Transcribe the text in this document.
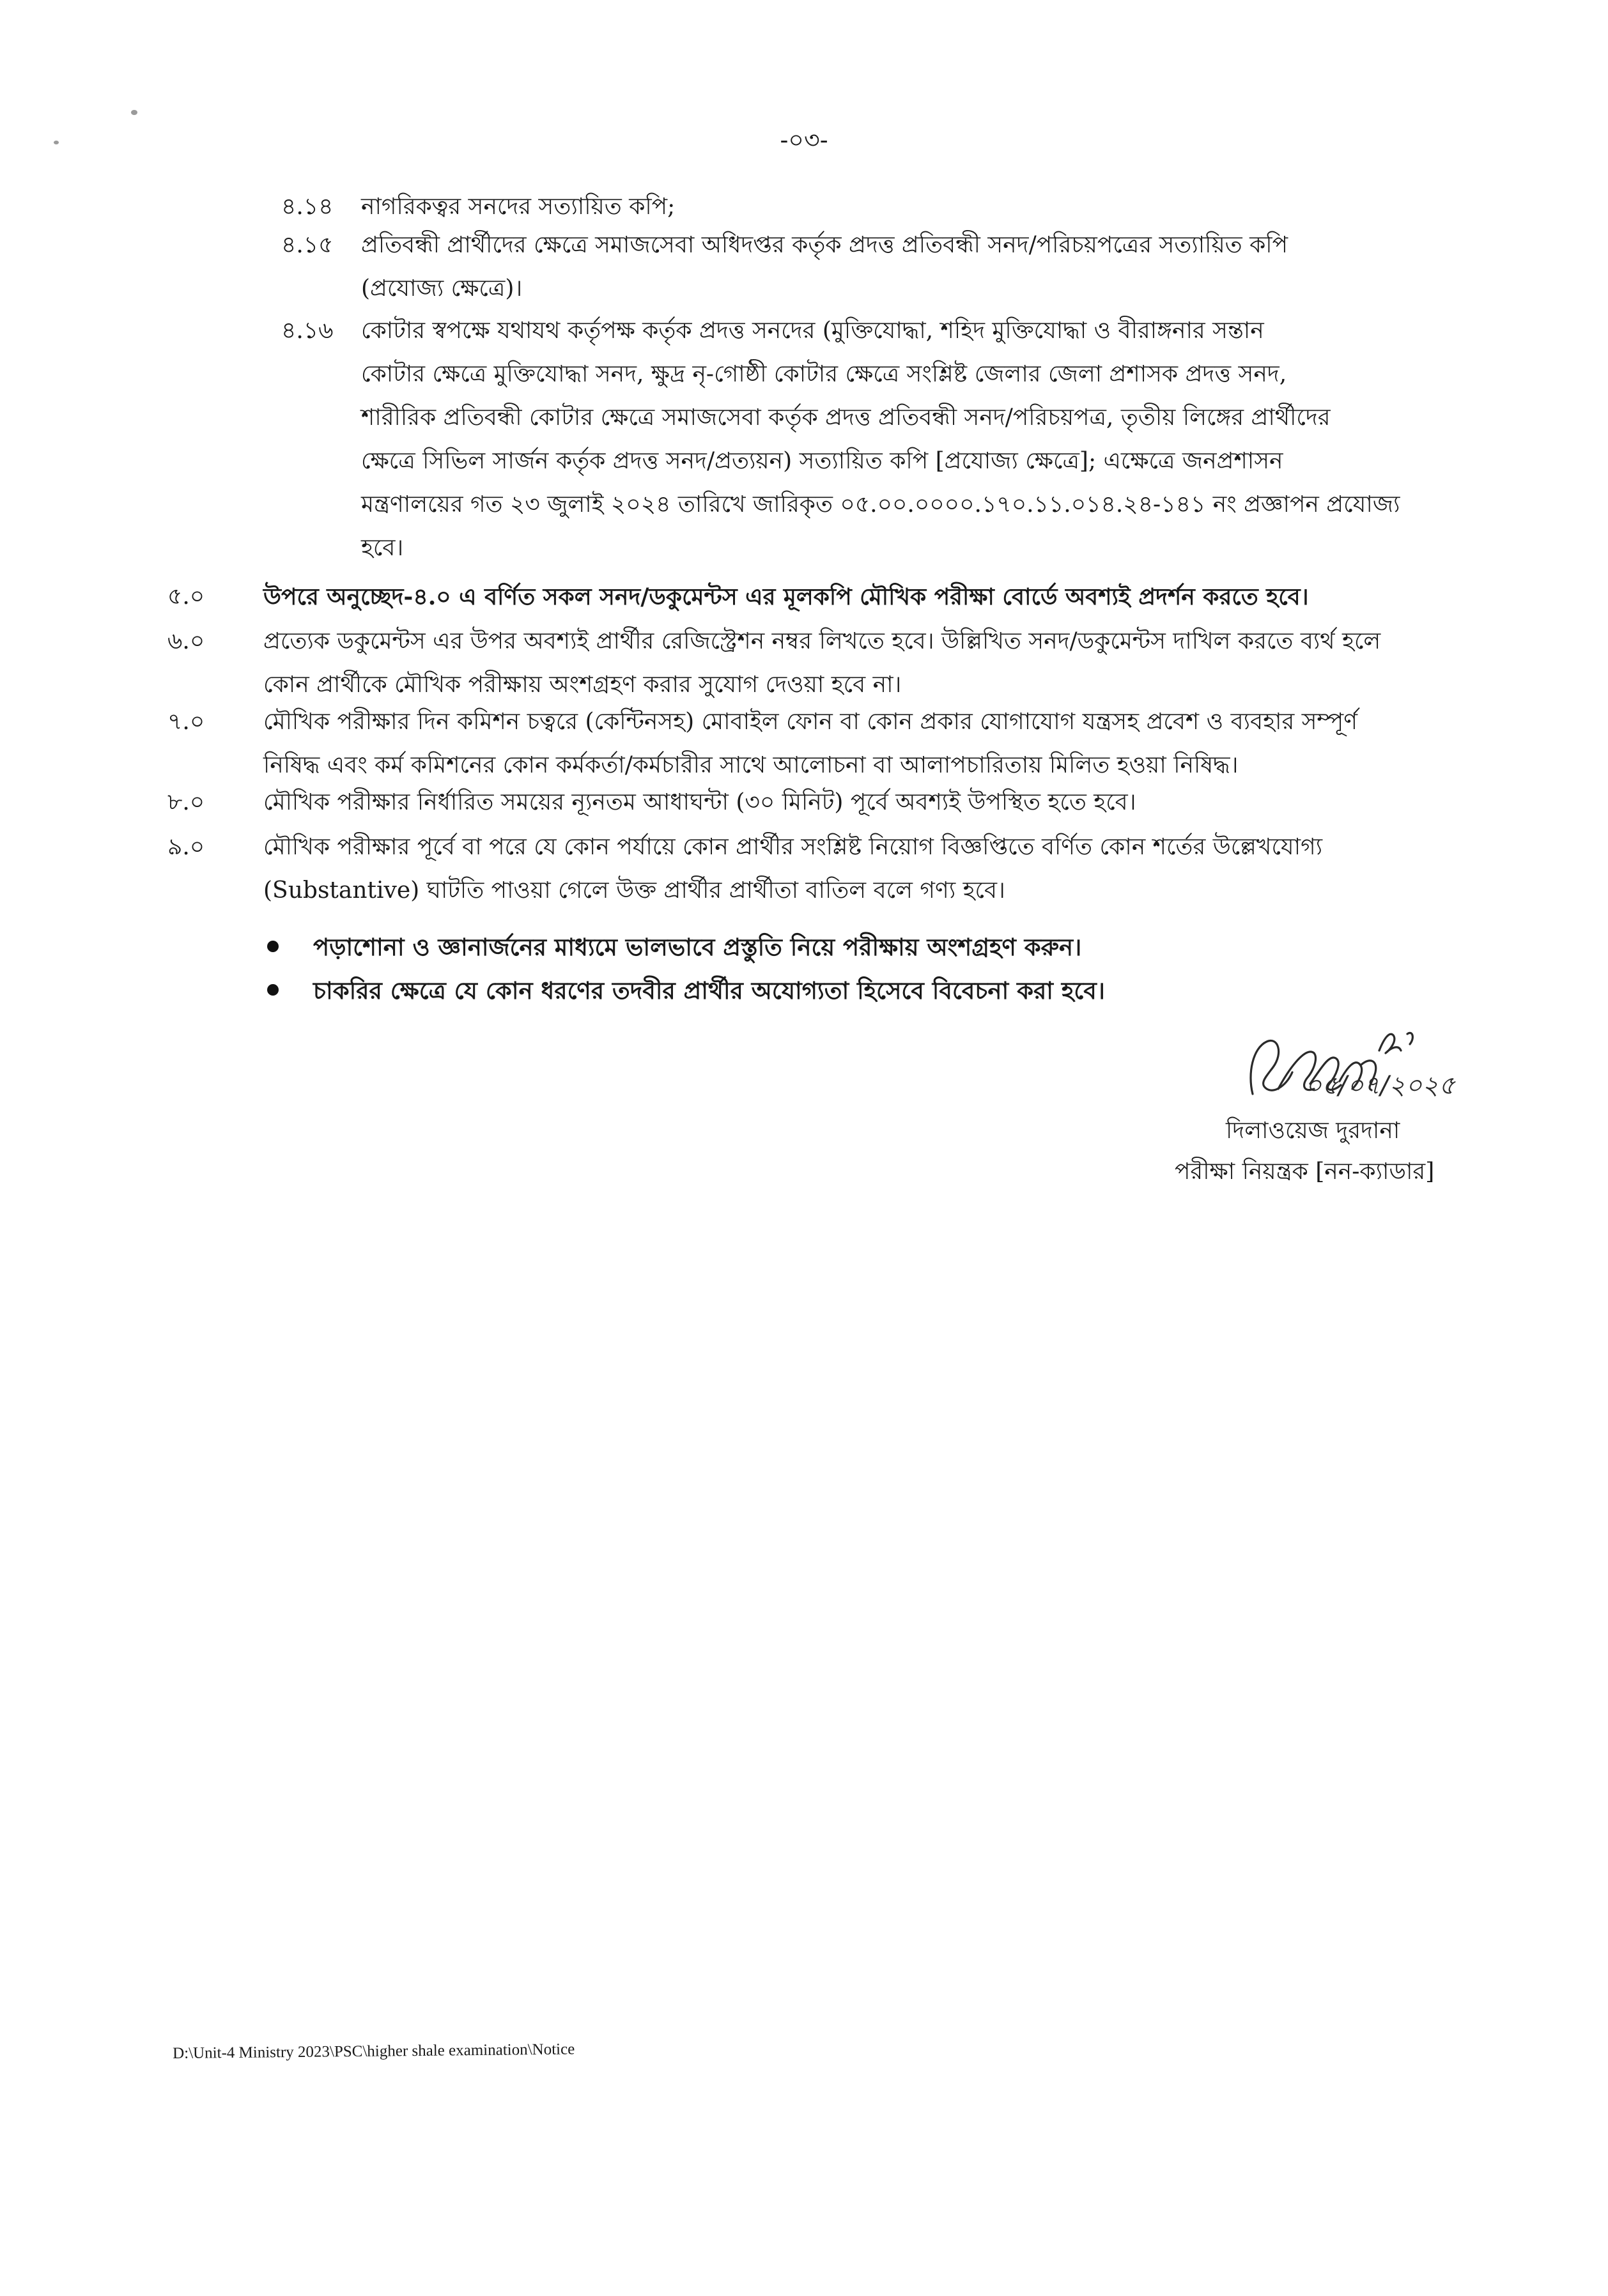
-০৩-
৪.১৪ নাগরিকত্বর সনদের সত্যায়িত কপি;
৪.১৫ প্রতিবন্ধী প্রার্থীদের ক্ষেত্রে সমাজসেবা অধিদপ্তর কর্তৃক প্রদত্ত প্রতিবন্ধী সনদ/পরিচয়পত্রের সত্যায়িত কপি
(প্রযোজ্য ক্ষেত্রে)।
৪.১৬ কোটার স্বপক্ষে যথাযথ কর্তৃপক্ষ কর্তৃক প্রদত্ত সনদের (মুক্তিযোদ্ধা, শহিদ মুক্তিযোদ্ধা ও বীরাঙ্গনার সন্তান
কোটার ক্ষেত্রে মুক্তিযোদ্ধা সনদ, ক্ষুদ্র নৃ-গোষ্ঠী কোটার ক্ষেত্রে সংশ্লিষ্ট জেলার জেলা প্রশাসক প্রদত্ত সনদ,
শারীরিক প্রতিবন্ধী কোটার ক্ষেত্রে সমাজসেবা কর্তৃক প্রদত্ত প্রতিবন্ধী সনদ/পরিচয়পত্র, তৃতীয় লিঙ্গের প্রার্থীদের
ক্ষেত্রে সিভিল সার্জন কর্তৃক প্রদত্ত সনদ/প্রত্যয়ন) সত্যায়িত কপি [প্রযোজ্য ক্ষেত্রে]; এক্ষেত্রে জনপ্রশাসন
মন্ত্রণালয়ের গত ২৩ জুলাই ২০২৪ তারিখে জারিকৃত ০৫.০০.০০০০.১৭০.১১.০১৪.২৪-১৪১ নং প্রজ্ঞাপন প্রযোজ্য
হবে।
৫.০	উপরে অনুচ্ছেদ-৪.০ এ বর্ণিত সকল সনদ/ডকুমেন্টস এর মূলকপি মৌখিক পরীক্ষা বোর্ডে অবশ্যই প্রদর্শন করতে হবে।
৬.০	প্রত্যেক ডকুমেন্টস এর উপর অবশ্যই প্রার্থীর রেজিস্ট্রেশন নম্বর লিখতে হবে। উল্লিখিত সনদ/ডকুমেন্টস দাখিল করতে ব্যর্থ হলে
কোন প্রার্থীকে মৌখিক পরীক্ষায় অংশগ্রহণ করার সুযোগ দেওয়া হবে না।
৭.০	মৌখিক পরীক্ষার দিন কমিশন চত্বরে (কেন্টিনসহ) মোবাইল ফোন বা কোন প্রকার যোগাযোগ যন্ত্রসহ প্রবেশ ও ব্যবহার সম্পূর্ণ
নিষিদ্ধ এবং কর্ম কমিশনের কোন কর্মকর্তা/কর্মচারীর সাথে আলোচনা বা আলাপচারিতায় মিলিত হওয়া নিষিদ্ধ।
৮.০	মৌখিক পরীক্ষার নির্ধারিত সময়ের ন্যূনতম আধাঘন্টা (৩০ মিনিট) পূর্বে অবশ্যই উপস্থিত হতে হবে।
৯.০	মৌখিক পরীক্ষার পূর্বে বা পরে যে কোন পর্যায়ে কোন প্রার্থীর সংশ্লিষ্ট নিয়োগ বিজ্ঞপ্তিতে বর্ণিত কোন শর্তের উল্লেখযোগ্য
(Substantive) ঘাটতি পাওয়া গেলে উক্ত প্রার্থীর প্রার্থীতা বাতিল বলে গণ্য হবে।
পড়াশোনা ও জ্ঞানার্জনের মাধ্যমে ভালভাবে প্রস্তুতি নিয়ে পরীক্ষায় অংশগ্রহণ করুন।
চাকরির ক্ষেত্রে যে কোন ধরণের তদবীর প্রার্থীর অযোগ্যতা হিসেবে বিবেচনা করা হবে।
০৫/০৭/২০২৫
দিলাওয়েজ দুরদানা
পরীক্ষা নিয়ন্ত্রক [নন-ক্যাডার]
D:\Unit-4 Ministry 2023\PSC\higher shale examination\Notice
